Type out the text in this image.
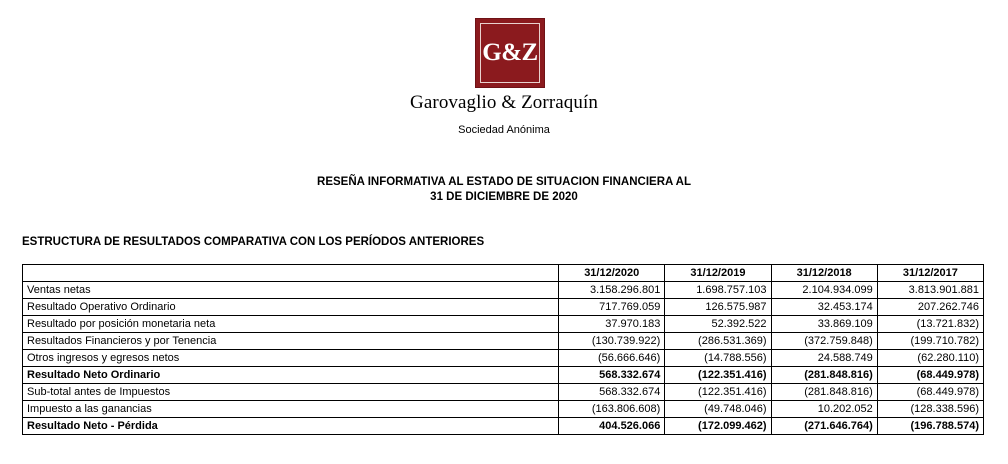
G&Z
Garovaglio & Zorraquín
Sociedad Anónima
RESEÑA INFORMATIVA AL ESTADO DE SITUACION FINANCIERA AL
31 DE DICIEMBRE DE 2020
ESTRUCTURA DE RESULTADOS COMPARATIVA CON LOS PERÍODOS ANTERIORES
	31/12/2020	31/12/2019	31/12/2018	31/12/2017
Ventas netas	3.158.296.801	1.698.757.103	2.104.934.099	3.813.901.881
Resultado Operativo Ordinario	717.769.059	126.575.987	32.453.174	207.262.746
Resultado por posición monetaria neta	37.970.183	52.392.522	33.869.109	(13.721.832)
Resultados Financieros y por Tenencia	(130.739.922)	(286.531.369)	(372.759.848)	(199.710.782)
Otros ingresos y egresos netos	(56.666.646)	(14.788.556)	24.588.749	(62.280.110)
Resultado Neto Ordinario	568.332.674	(122.351.416)	(281.848.816)	(68.449.978)
Sub-total antes de Impuestos	568.332.674	(122.351.416)	(281.848.816)	(68.449.978)
Impuesto a las ganancias	(163.806.608)	(49.748.046)	10.202.052	(128.338.596)
Resultado Neto - Pérdida	404.526.066	(172.099.462)	(271.646.764)	(196.788.574)
